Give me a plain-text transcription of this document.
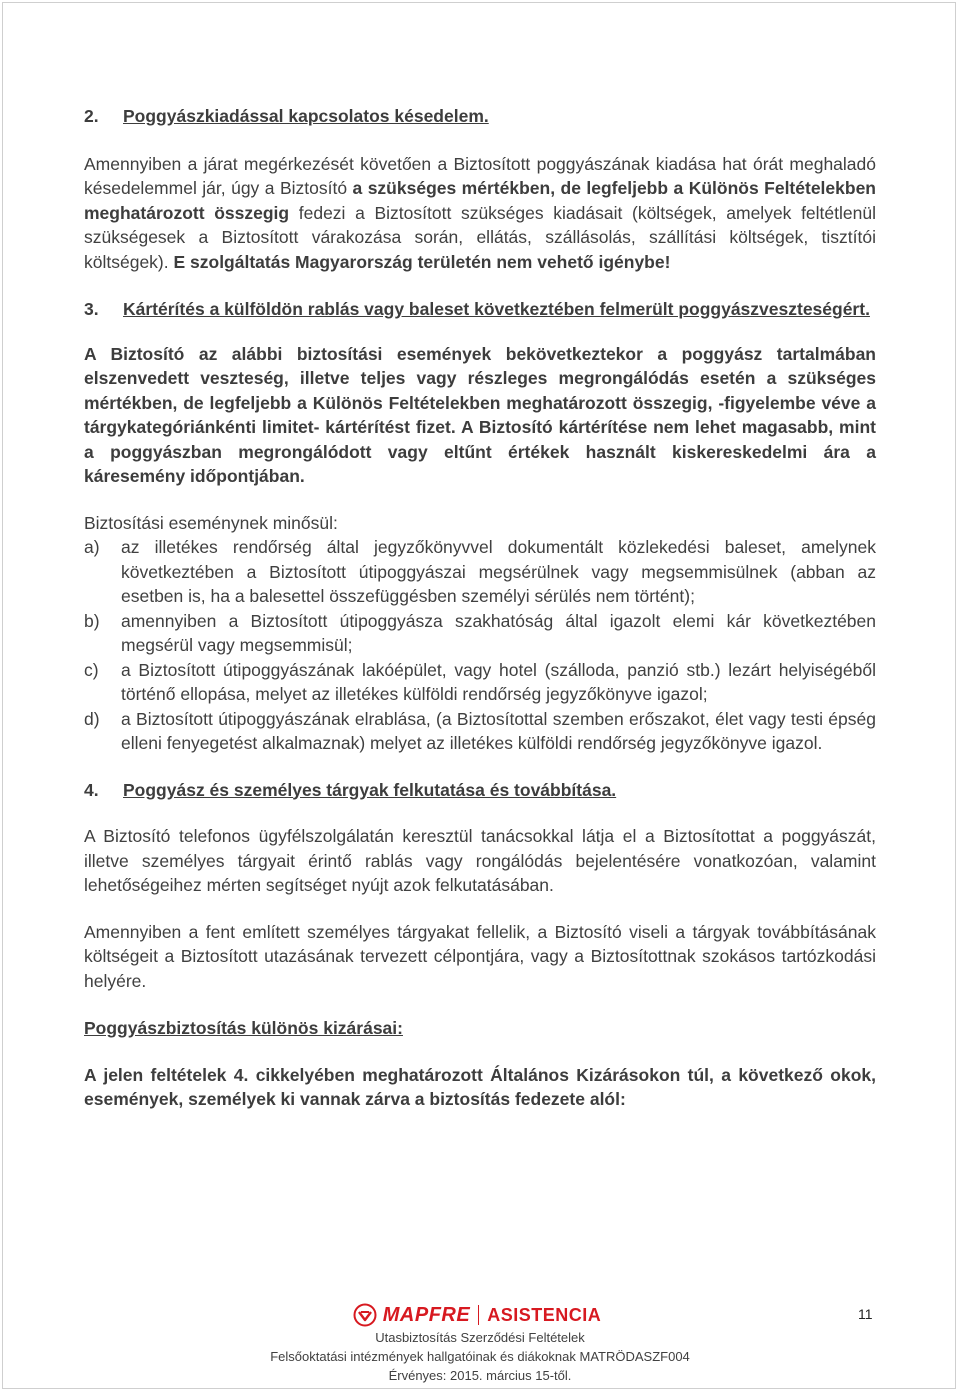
2.	Poggyászkiadással kapcsolatos késedelem.

Amennyiben a járat megérkezését követően a Biztosított poggyászának kiadása hat órát meghaladó késedelemmel jár, úgy a Biztosító a szükséges mértékben, de legfeljebb a Különös Feltételekben meghatározott összegig fedezi a Biztosított szükséges kiadásait (költségek, amelyek feltétlenül szükségesek a Biztosított várakozása során, ellátás, szállásolás, szállítási költségek, tisztítói költségek). E szolgáltatás Magyarország területén nem vehető igénybe!

3.	Kártérítés a külföldön rablás vagy baleset következtében felmerült poggyászveszteségért.

A Biztosító az alábbi biztosítási események bekövetkeztekor a poggyász tartalmában elszenvedett veszteség, illetve teljes vagy részleges megrongálódás esetén a szükséges mértékben, de legfeljebb a Különös Feltételekben meghatározott összegig, -figyelembe véve a tárgykategóriánkénti limitet- kártérítést fizet. A Biztosító kártérítése nem lehet magasabb, mint a poggyászban megrongálódott vagy eltűnt értékek használt kiskereskedelmi ára a káresemény időpontjában.

Biztosítási eseménynek minősül:

a)	az illetékes rendőrség által jegyzőkönyvvel dokumentált közlekedési baleset, amelynek következtében a Biztosított útipoggyászai megsérülnek vagy megsemmisülnek (abban az esetben is, ha a balesettel összefüggésben személyi sérülés nem történt);
b)	amennyiben a Biztosított útipoggyásza szakhatóság által igazolt elemi kár következtében megsérül vagy megsemmisül;
c)	a Biztosított útipoggyászának lakóépület, vagy hotel (szálloda, panzió stb.) lezárt helyiségéből történő ellopása, melyet az illetékes külföldi rendőrség jegyzőkönyve igazol;
d)	a Biztosított útipoggyászának elrablása, (a Biztosítottal szemben erőszakot, élet vagy testi épség elleni fenyegetést alkalmaznak) melyet az illetékes külföldi rendőrség jegyzőkönyve igazol.
4.	Poggyász és személyes tárgyak felkutatása és továbbítása.

A Biztosító telefonos ügyfélszolgálatán keresztül tanácsokkal látja el a Biztosítottat a poggyászát, illetve személyes tárgyait érintő rablás vagy rongálódás bejelentésére vonatkozóan, valamint lehetőségeihez mérten segítséget nyújt azok felkutatásában.

Amennyiben a fent említett személyes tárgyakat fellelik, a Biztosító viseli a tárgyak továbbításának költségeit a Biztosított utazásának tervezett célpontjára, vagy a Biztosítottnak szokásos tartózkodási helyére.

Poggyászbiztosítás különös kizárásai:

A jelen feltételek 4. cikkelyében meghatározott Általános Kizárásokon túl, a következő okok, események, személyek ki vannak zárva a biztosítás fedezete alól:

MAPFRE ASISTENCIA
Utasbiztosítás Szerződési Feltételek
Felsőoktatási intézmények hallgatóinak és diákoknak MATRÖDASZF004
Érvényes: 2015. március 15-től.
11
